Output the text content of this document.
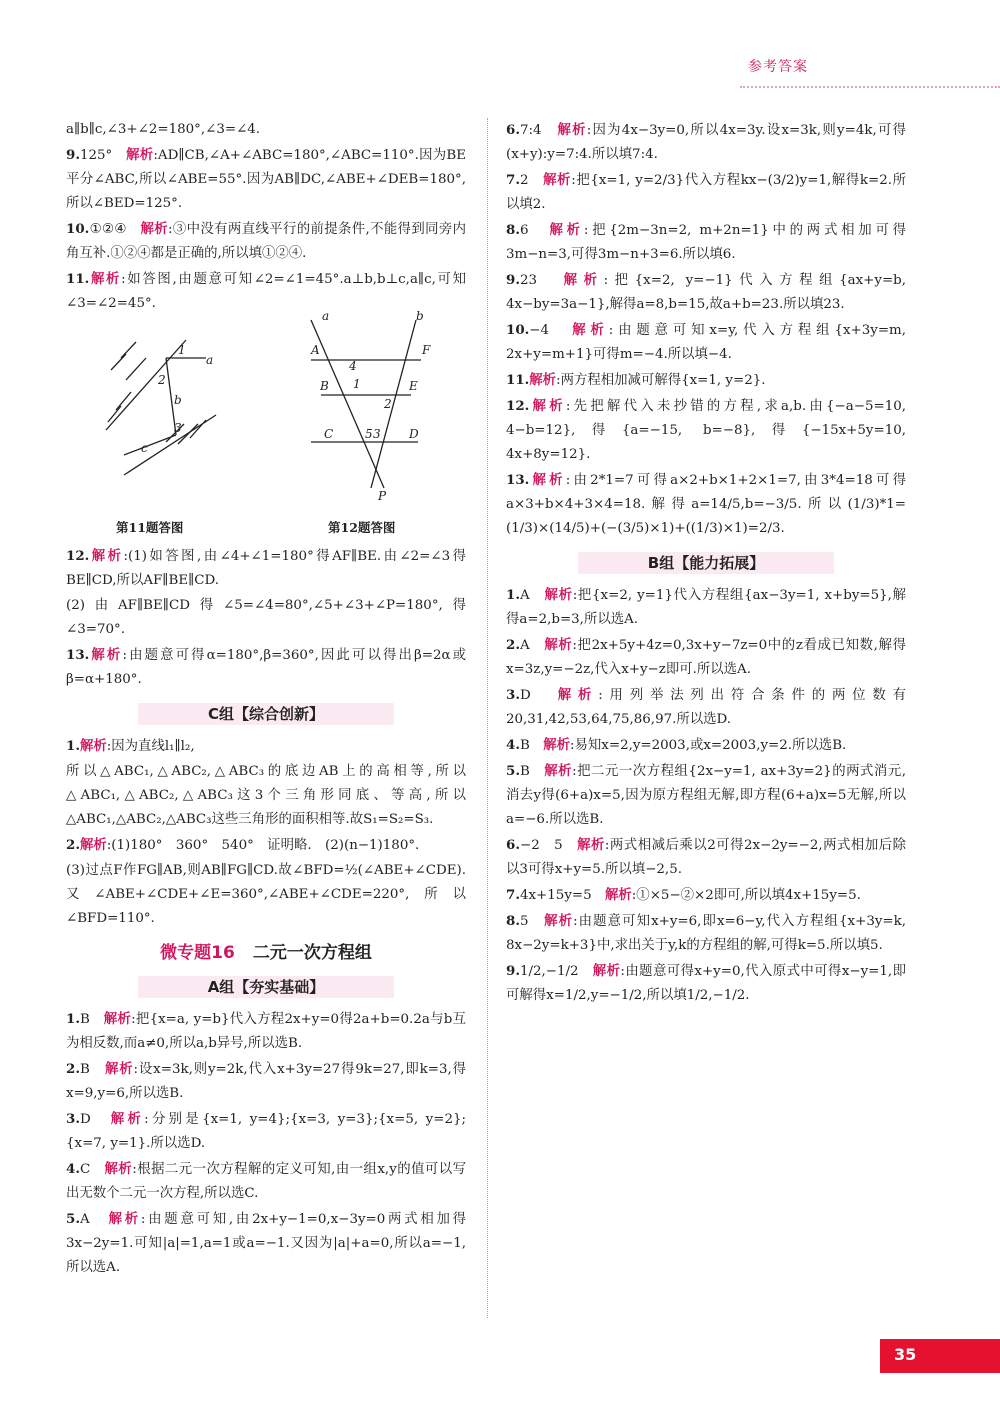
参考答案
a∥b∥c,∠3+∠2=180°,∠3=∠4.
9.125°　 解析:AD∥CB,∠A+∠ABC=180°,∠ABC=110°.因为BE平分∠ABC,所以∠ABE=55°.因为AB∥DC,∠ABE+∠DEB=180°,所以∠BED=125°.
10.①②④　 解析:③中没有两直线平行的前提条件,不能得到同旁内角互补.①②④都是正确的,所以填①②④.
11.解析:如答图,由题意可知∠2=∠1=45°.a⊥b,b⊥c,a∥c,可知∠3=∠2=45°.
1
a
2
b
3
c
a	b
A	F
4
B 1	E
2
C	5 3 D
P
第11题答图	第12题答图
12.解析:(1)如答图,由∠4+∠1=180°得AF∥BE.由∠2=∠3得BE∥CD,所以AF∥BE∥CD.
(2)由AF∥BE∥CD得∠5=∠4=80°,∠5+∠3+∠P=180°,得∠3=70°.
13.解析:由题意可得α=180°,β=360°,因此可以得出β=2α或β=α+180°.
C组【综合创新】
1.解析:因为直线l₁∥l₂,
所以△ABC₁,△ABC₂,△ABC₃的底边AB上的高相等,所以△ABC₁,△ABC₂,△ABC₃这3个三角形同底、等高,所以△ABC₁,△ABC₂,△ABC₃这些三角形的面积相等.故S₁=S₂=S₃.
2.解析:(1)180°　360°　540°　证明略.　(2)(n−1)180°.
(3)过点F作FG∥AB,则AB∥FG∥CD.故∠BFD=½(∠ABE+∠CDE).又∠ABE+∠CDE+∠E=360°,∠ABE+∠CDE=220°,所以∠BFD=110°.
微专题16 二元一次方程组
A组【夯实基础】
1.B　 解析:把{x=a, y=b}代入方程2x+y=0得2a+b=0.2a与b互为相反数,而a≠0,所以a,b异号,所以选B.
2.B　 解析:设x=3k,则y=2k,代入x+3y=27得9k=27,即k=3,得x=9,y=6,所以选B.
3.D　 解析:分别是{x=1, y=4};{x=3, y=3};{x=5, y=2};{x=7, y=1}.所以选D.
4.C　 解析:根据二元一次方程解的定义可知,由一组x,y的值可以写出无数个二元一次方程,所以选C.
5.A　 解析:由题意可知,由2x+y−1=0,x−3y=0两式相加得3x−2y=1.可知|a|=1,a=1或a=−1.又因为|a|+a=0,所以a=−1,所以选A.
6.7:4　 解析:因为4x−3y=0,所以4x=3y.设x=3k,则y=4k,可得(x+y):y=7:4.所以填7:4.
7.2　 解析:把{x=1, y=2/3}代入方程kx−(3/2)y=1,解得k=2.所以填2.
8.6　 解析:把{2m−3n=2, m+2n=1}中的两式相加可得3m−n=3,可得3m−n+3=6.所以填6.
9.23　 解析:把{x=2, y=−1}代入方程组{ax+y=b, 4x−by=3a−1},解得a=8,b=15,故a+b=23.所以填23.
10.−4　 解析:由题意可知x=y,代入方程组{x+3y=m, 2x+y=m+1}可得m=−4.所以填−4.
11.解析:两方程相加减可解得{x=1, y=2}.
12.解析:先把解代入未抄错的方程,求a,b.由{−a−5=10, 4−b=12},得{a=−15, b=−8},得{−15x+5y=10, 4x+8y=12}.
13.解析:由2*1=7可得a×2+b×1+2×1=7,由3*4=18可得a×3+b×4+3×4=18.解得a=14/5,b=−3/5.所以(1/3)*1=(1/3)×(14/5)+(−(3/5)×1)+((1/3)×1)=2/3.
B组【能力拓展】
1.A　 解析:把{x=2, y=1}代入方程组{ax−3y=1, x+by=5},解得a=2,b=3,所以选A.
2.A　 解析:把2x+5y+4z=0,3x+y−7z=0中的z看成已知数,解得x=3z,y=−2z,代入x+y−z即可.所以选A.
3.D　 解析:用列举法列出符合条件的两位数有20,31,42,53,64,75,86,97.所以选D.
4.B　 解析:易知x=2,y=2003,或x=2003,y=2.所以选B.
5.B　 解析:把二元一次方程组{2x−y=1, ax+3y=2}的两式消元,消去y得(6+a)x=5,因为原方程组无解,即方程(6+a)x=5无解,所以a=−6.所以选B.
6.−2　5　 解析:两式相减后乘以2可得2x−2y=−2,两式相加后除以3可得x+y=5.所以填−2,5.
7.4x+15y=5　 解析:①×5−②×2即可,所以填4x+15y=5.
8.5　 解析:由题意可知x+y=6,即x=6−y,代入方程组{x+3y=k, 8x−2y=k+3}中,求出关于y,k的方程组的解,可得k=5.所以填5.
9.1/2,−1/2　 解析:由题意可得x+y=0,代入原式中可得x−y=1,即可解得x=1/2,y=−1/2,所以填1/2,−1/2.
35
